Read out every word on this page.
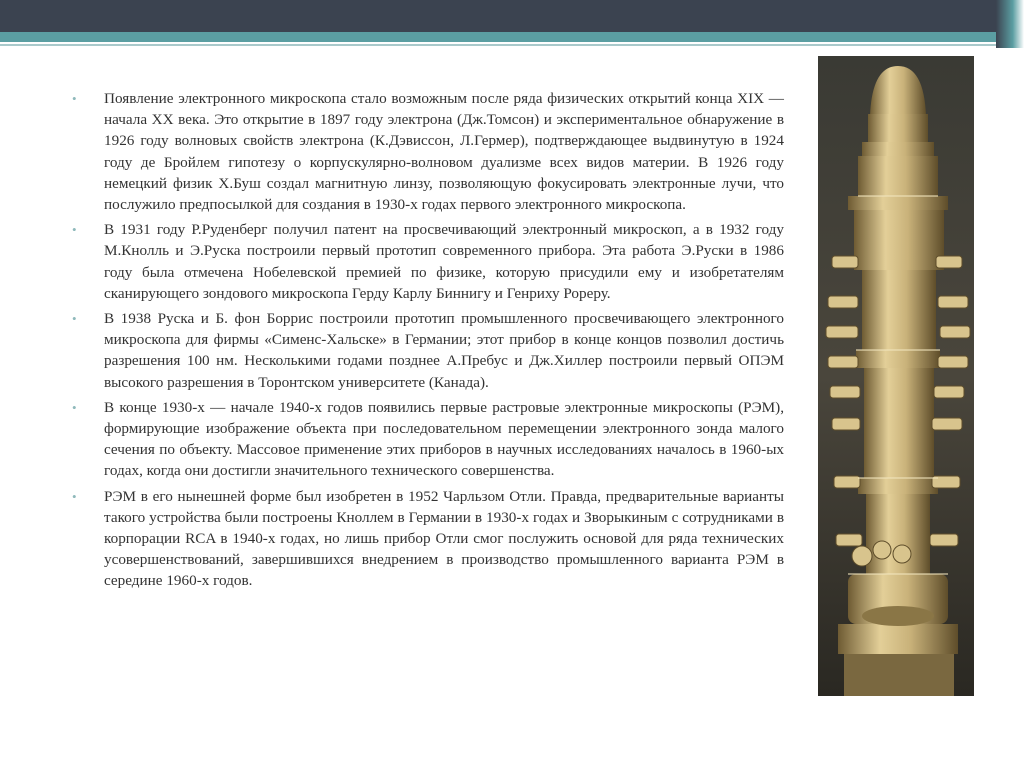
• Появление электронного микроскопа стало возможным после ряда физических открытий конца XIX — начала XX века. Это открытие в 1897 году электрона (Дж.Томсон) и экспериментальное обнаружение в 1926 году волновых свойств электрона (К.Дэвиссон, Л.Гермер), подтверждающее выдвинутую в 1924 году де Бройлем гипотезу о корпускулярно-волновом дуализме всех видов материи. В 1926 году немецкий физик Х.Буш создал магнитную линзу, позволяющую фокусировать электронные лучи, что послужило предпосылкой для создания в 1930-х годах первого электронного микроскопа.
• В 1931 году Р.Руденберг получил патент на просвечивающий электронный микроскоп, а в 1932 году М.Кнолль и Э.Руска построили первый прототип современного прибора. Эта работа Э.Руски в 1986 году была отмечена Нобелевской премией по физике, которую присудили ему и изобретателям сканирующего зондового микроскопа Герду Карлу Биннигу и Генриху Рореру.
• В 1938 Руска и Б. фон Боррис построили прототип промышленного просвечивающего электронного микроскопа для фирмы «Сименс-Хальске» в Германии; этот прибор в конце концов позволил достичь разрешения 100 нм. Несколькими годами позднее А.Пребус и Дж.Хиллер построили первый ОПЭМ высокого разрешения в Торонтском университете (Канада).
• В конце 1930-х — начале 1940-х годов появились первые растровые электронные микроскопы (РЭМ), формирующие изображение объекта при последовательном перемещении электронного зонда малого сечения по объекту. Массовое применение этих приборов в научных исследованиях началось в 1960-ых годах, когда они достигли значительного технического совершенства.
• РЭМ в его нынешней форме был изобретен в 1952 Чарльзом Отли. Правда, предварительные варианты такого устройства были построены Кноллем в Германии в 1930-х годах и Зворыкиным с сотрудниками в корпорации RCA в 1940-х годах, но лишь прибор Отли смог послужить основой для ряда технических усовершенствований, завершившихся внедрением в производство промышленного варианта РЭМ в середине 1960-х годов.
